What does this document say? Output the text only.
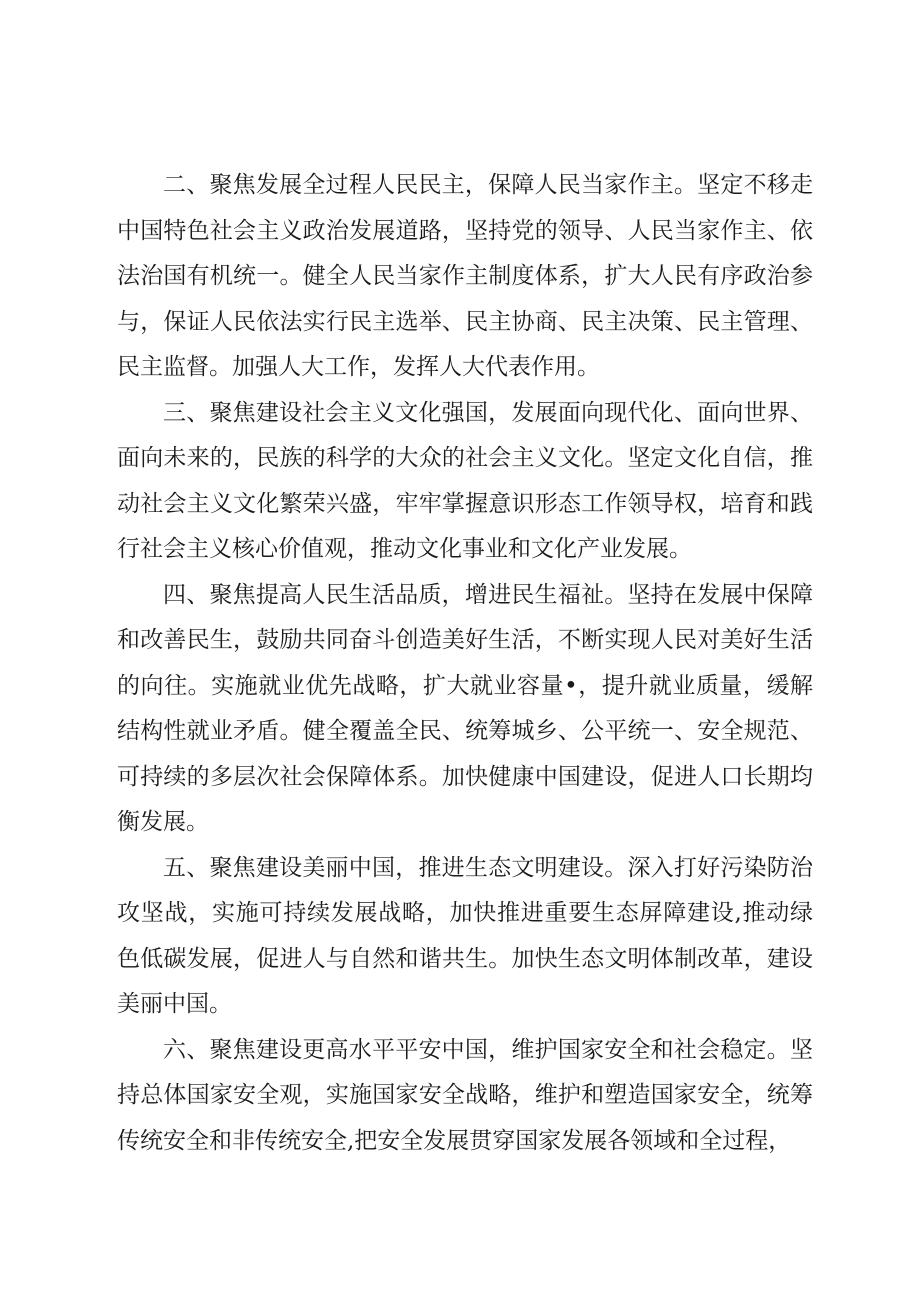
二、聚焦发展全过程人民民主，保障人民当家作主。坚定不移走中国特色社会主义政治发展道路，坚持党的领导、人民当家作主、依法治国有机统一。健全人民当家作主制度体系，扩大人民有序政治参与，保证人民依法实行民主选举、民主协商、民主决策、民主管理、民主监督。加强人大工作，发挥人大代表作用。

三、聚焦建设社会主义文化强国，发展面向现代化、面向世界、面向未来的，民族的科学的大众的社会主义文化。坚定文化自信，推动社会主义文化繁荣兴盛，牢牢掌握意识形态工作领导权，培育和践行社会主义核心价值观，推动文化事业和文化产业发展。

四、聚焦提高人民生活品质，增进民生福祉。坚持在发展中保障和改善民生，鼓励共同奋斗创造美好生活，不断实现人民对美好生活的向往。实施就业优先战略，扩大就业容量•，提升就业质量，缓解结构性就业矛盾。健全覆盖全民、统筹城乡、公平统一、安全规范、可持续的多层次社会保障体系。加快健康中国建设，促进人口长期均衡发展。

五、聚焦建设美丽中国，推进生态文明建设。深入打好污染防治攻坚战，实施可持续发展战略，加快推进重要生态屏障建设,推动绿色低碳发展，促进人与自然和谐共生。加快生态文明体制改革，建设美丽中国。

六、聚焦建设更高水平平安中国，维护国家安全和社会稳定。坚持总体国家安全观，实施国家安全战略，维护和塑造国家安全，统筹传统安全和非传统安全,把安全发展贯穿国家发展各领域和全过程，
